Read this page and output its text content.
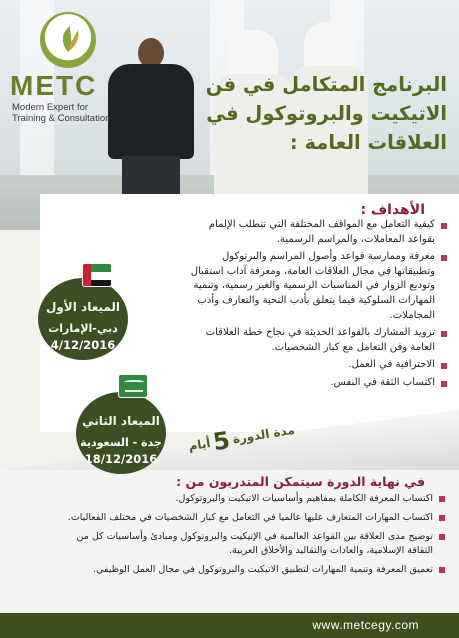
METC
Modern Expert for
Training & Consultation
البرنامج المتكامل في فن
الاتيكيت والبروتوكول في
العلاقات العامة :
الأهداف :

كيفية التعامل مع المواقف المختلفة التي تتطلب الإلمام

بقواعد المعاملات، والمراسم الرسمية.

معرفة وممارسة قواعد وأصول المراسم والبرتوكول

وتطبيقاتها في مجال العلاقات العامة، ومعرفة آداب استقبال

وتوديع الزوار في المناسبات الرسمية والغير رسمية، وتنمية

المهارات السلوكية فيما يتعلق بأدب التحية والتعارف وأدب

المجاملات.

تزويد المشارك بالقواعد الحديثة في نجاح خطة العلاقات

العامة وفن التعامل مع كبار الشخصيات.

الاحترافية في العمل.

اكتساب الثقة في النفس.

الميعاد الأول
دبي-الإمارات
4/12/2016
الميعاد الثاني
جدة - السعودية
18/12/2016
مدة الدورة
5
أيام
في نهاية الدورة سيتمكن المتدربون من :

اكتساب المعرفة الكاملة بمفاهيم وأساسيات الاتيكيت والبروتوكول.

اكتساب المهارات المتعارف عليها عالميا في التعامل مع كبار الشخصيات في مختلف الفعاليات.

توضيح مدى العلاقة بين القواعد العالمية في الإتيكيت والبروتوكول ومبادئ وأساسيات كل من

الثقافة الإسلامية، والعادات والتقاليد والأخلاق العربية.

تعميق المعرفة وتنمية المهارات لتطبيق الاتيكيت والبروتوكول في مجال العمل الوظيفي.

www.metcegy.com
